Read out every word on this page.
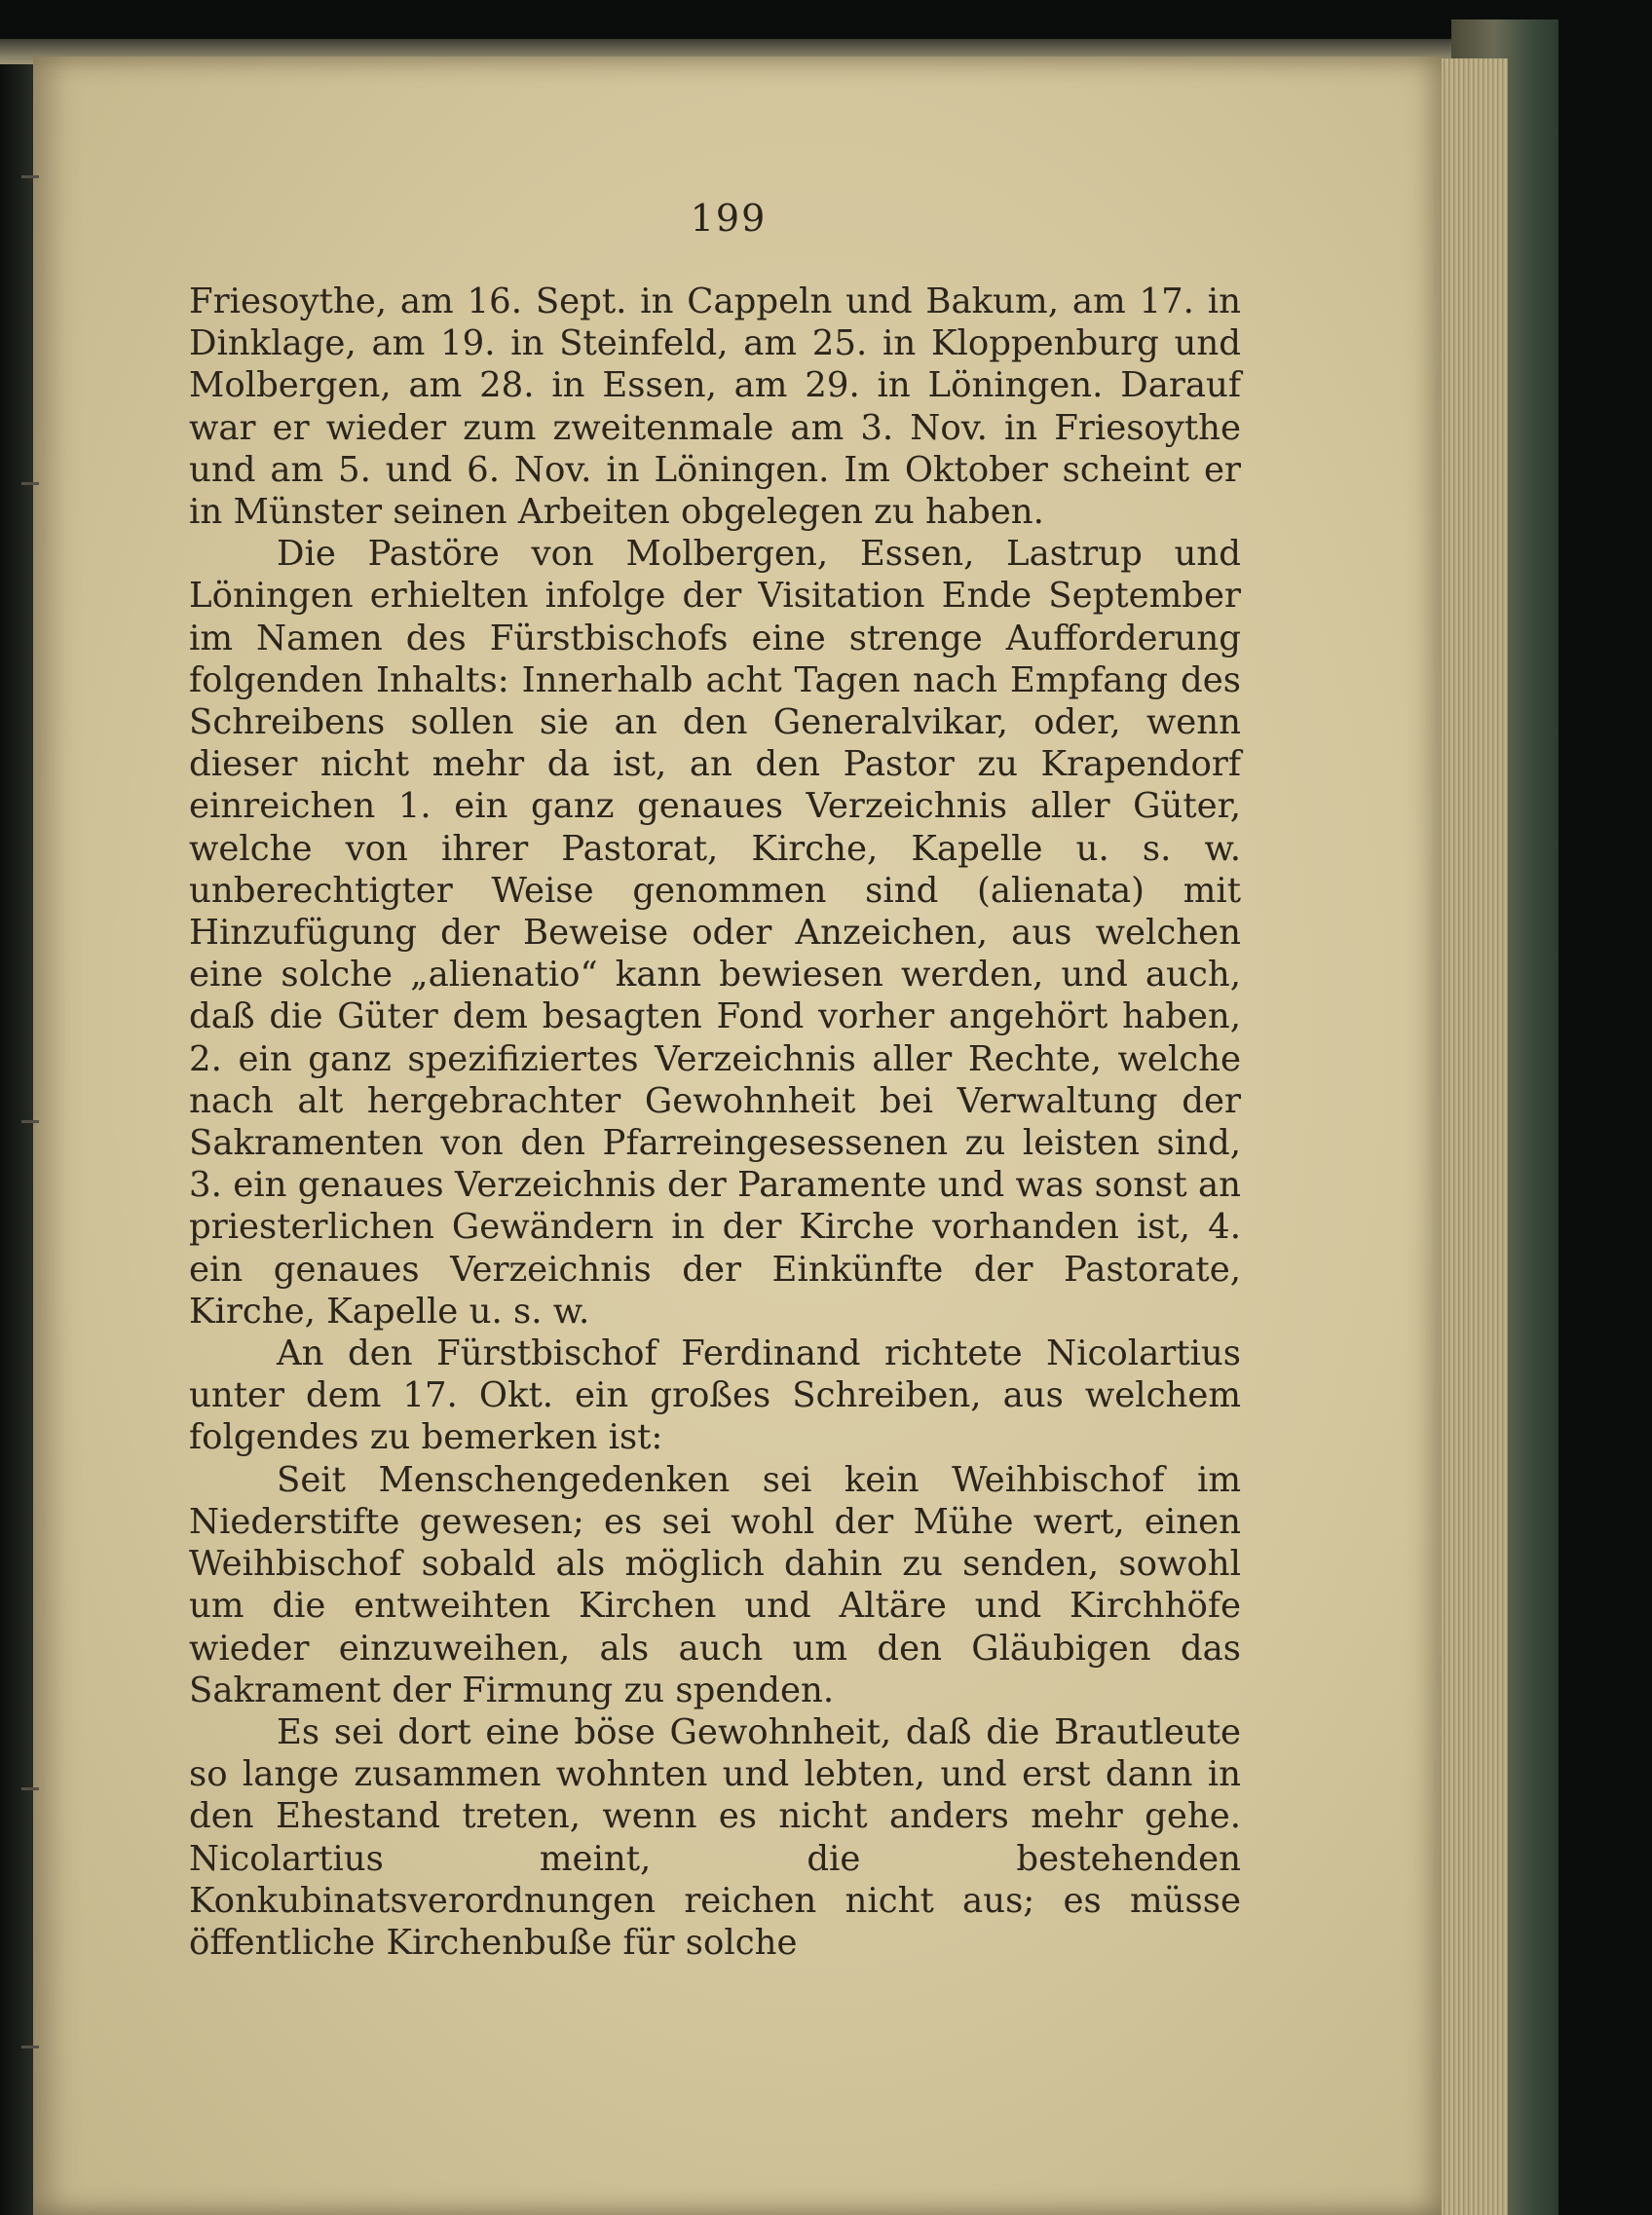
199

Friesoythe, am 16. Sept. in Cappeln und Bakum, am 17. in Dinklage, am 19. in Steinfeld, am 25. in Kloppenburg und Molbergen, am 28. in Essen, am 29. in Löningen. Darauf war er wieder zum zweitenmale am 3. Nov. in Friesoythe und am 5. und 6. Nov. in Löningen. Im Oktober scheint er in Münster seinen Arbeiten obgelegen zu haben.

Die Pastöre von Molbergen, Essen, Lastrup und Löningen erhielten infolge der Visitation Ende September im Namen des Fürstbischofs eine strenge Aufforderung folgenden Inhalts: Innerhalb acht Tagen nach Empfang des Schreibens sollen sie an den Generalvikar, oder, wenn dieser nicht mehr da ist, an den Pastor zu Krapendorf einreichen 1. ein ganz genaues Verzeichnis aller Güter, welche von ihrer Pastorat, Kirche, Kapelle u. s. w. unberechtigter Weise genommen sind (alienata) mit Hinzufügung der Beweise oder Anzeichen, aus welchen eine solche „alienatio“ kann bewiesen werden, und auch, daß die Güter dem besagten Fond vorher angehört haben, 2. ein ganz spezifiziertes Verzeichnis aller Rechte, welche nach alt hergebrachter Gewohnheit bei Verwaltung der Sakramenten von den Pfarreingesessenen zu leisten sind, 3. ein genaues Verzeichnis der Paramente und was sonst an priesterlichen Gewändern in der Kirche vorhanden ist, 4. ein genaues Verzeichnis der Einkünfte der Pastorate, Kirche, Kapelle u. s. w.

An den Fürstbischof Ferdinand richtete Nicolartius unter dem 17. Okt. ein großes Schreiben, aus welchem folgendes zu bemerken ist:

Seit Menschengedenken sei kein Weihbischof im Niederstifte gewesen; es sei wohl der Mühe wert, einen Weihbischof sobald als möglich dahin zu senden, sowohl um die entweihten Kirchen und Altäre und Kirchhöfe wieder einzuweihen, als auch um den Gläubigen das Sakrament der Firmung zu spenden.

Es sei dort eine böse Gewohnheit, daß die Brautleute so lange zusammen wohnten und lebten, und erst dann in den Ehestand treten, wenn es nicht anders mehr gehe. Nicolartius meint, die bestehenden Konkubinatsverordnungen reichen nicht aus; es müsse öffentliche Kirchenbuße für solche
